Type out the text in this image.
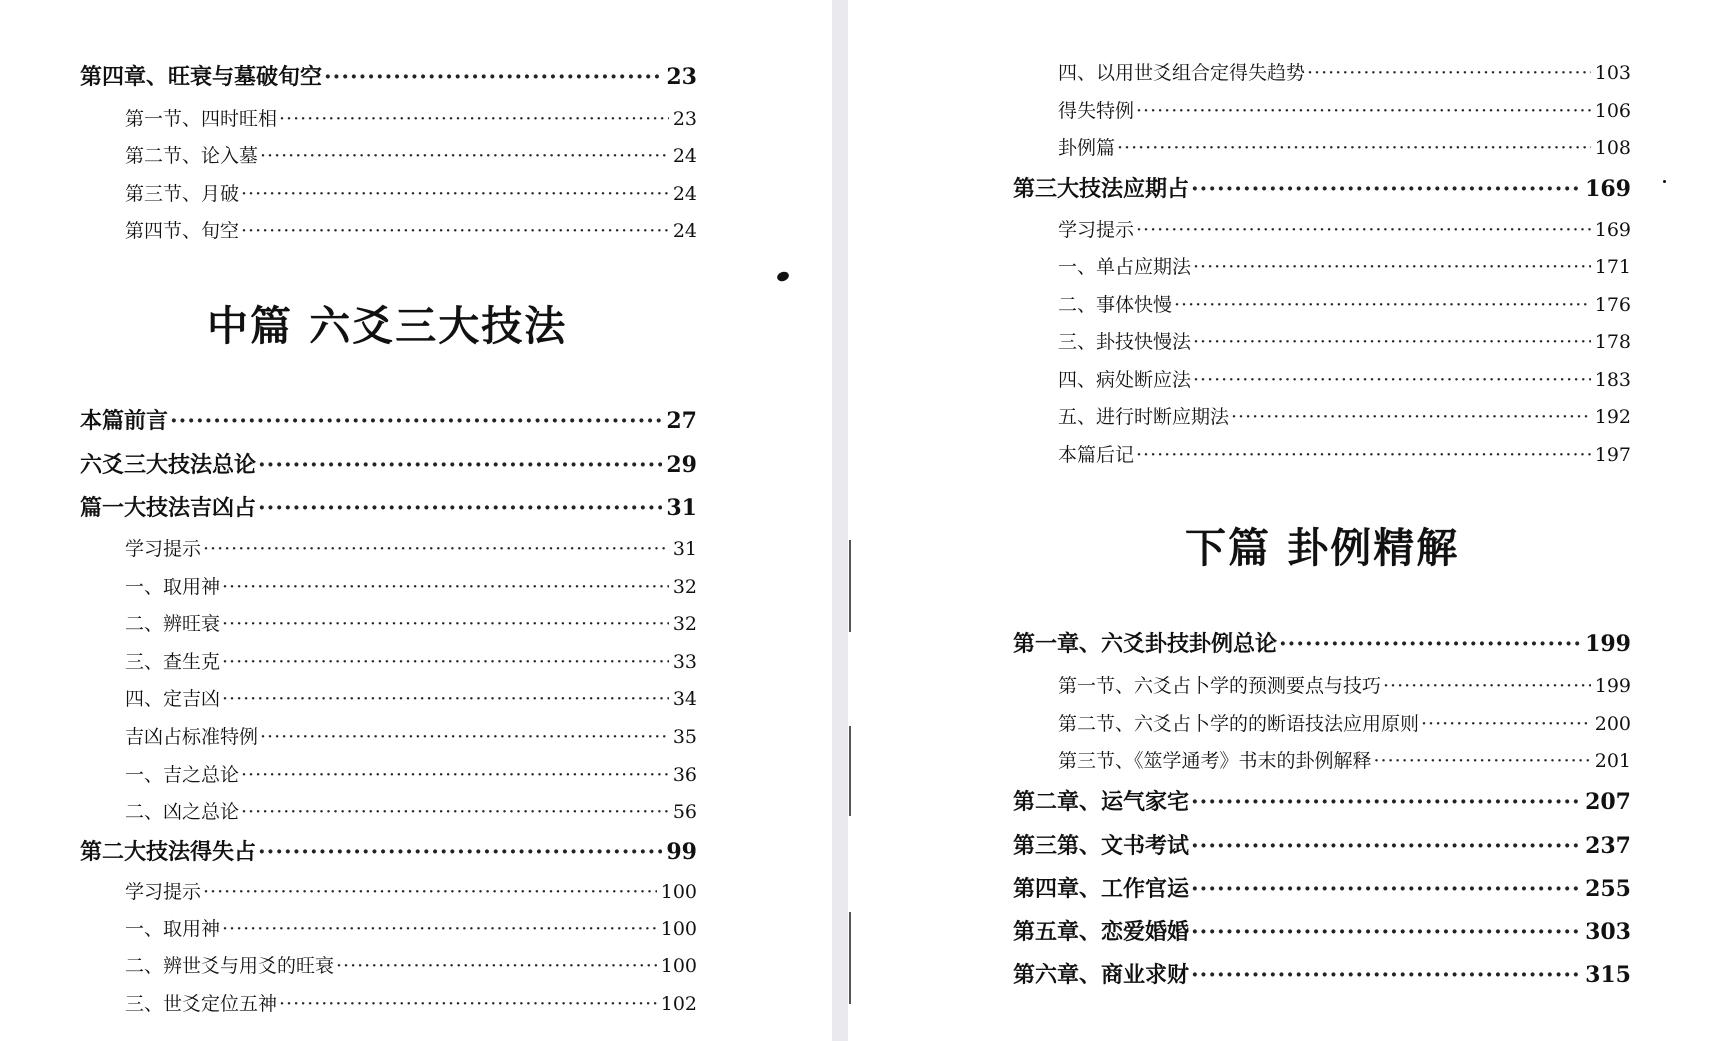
中篇 六爻三大技法
下篇 卦例精解
第四章、旺衰与墓破旬空 ·····	23
第一节、四时旺相 ·····	23
第二节、论入墓 ·····	24
第三节、月破 ·····	24
第四节、旬空 ·····	24
本篇前言 ·····	27
六爻三大技法总论 ·····	29
篇一大技法吉凶占 ·····	31
学习提示 ·····	31
一、取用神 ·····	32
二、辨旺衰 ·····	32
三、查生克 ·····	33
四、定吉凶 ·····	34
吉凶占标准特例 ·····	35
一、吉之总论 ·····	36
二、凶之总论 ·····	56
第二大技法得失占 ·····	99
学习提示 ·····	100
一、取用神 ·····	100
二、辨世爻与用爻的旺衰 ·····	100
三、世爻定位五神 ·····	102
四、以用世爻组合定得失趋势 ·····	103
得失特例 ·····	106
卦例篇 ·····	108
第三大技法应期占 ·····	169
学习提示 ·····	169
一、单占应期法 ·····	171
二、事体快慢 ·····	176
三、卦技快慢法 ·····	178
四、病处断应法 ·····	183
五、进行时断应期法 ·····	192
本篇后记 ·····	197
第一章、六爻卦技卦例总论 ·····	199
第一节、六爻占卜学的预测要点与技巧 ·····	199
第二节、六爻占卜学的的断语技法应用原则 ·····	200
第三节、《筮学通考》书末的卦例解释 ·····	201
第二章、运气家宅 ·····	207
第三第、文书考试 ·····	237
第四章、工作官运 ·····	255
第五章、恋爱婚婚 ·····	303
第六章、商业求财 ·····	315
